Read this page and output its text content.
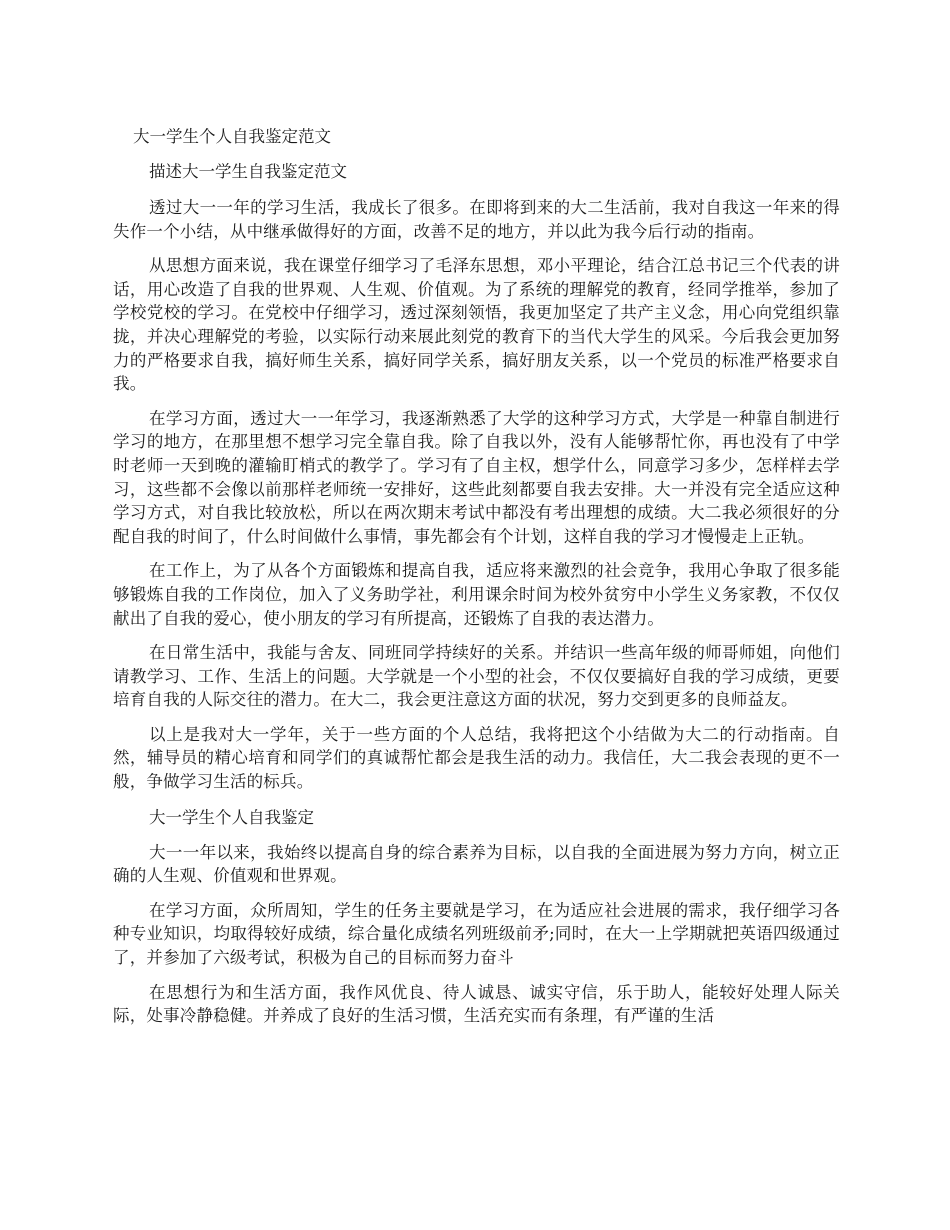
大一学生个人自我鉴定范文

描述大一学生自我鉴定范文

透过大一一年的学习生活，我成长了很多。在即将到来的大二生活前，我对自我这一年来的得失作一个小结，从中继承做得好的方面，改善不足的地方，并以此为我今后行动的指南。

从思想方面来说，我在课堂仔细学习了毛泽东思想，邓小平理论，结合江总书记三个代表的讲话，用心改造了自我的世界观、人生观、价值观。为了系统的理解党的教育，经同学推举，参加了学校党校的学习。在党校中仔细学习，透过深刻领悟，我更加坚定了共产主义念，用心向党组织靠拢，并决心理解党的考验，以实际行动来展此刻党的教育下的当代大学生的风采。今后我会更加努力的严格要求自我，搞好师生关系，搞好同学关系，搞好朋友关系，以一个党员的标准严格要求自我。

在学习方面，透过大一一年学习，我逐渐熟悉了大学的这种学习方式，大学是一种靠自制进行学习的地方，在那里想不想学习完全靠自我。除了自我以外，没有人能够帮忙你，再也没有了中学时老师一天到晚的灌输盯梢式的教学了。学习有了自主权，想学什么，同意学习多少，怎样样去学习，这些都不会像以前那样老师统一安排好，这些此刻都要自我去安排。大一并没有完全适应这种学习方式，对自我比较放松，所以在两次期末考试中都没有考出理想的成绩。大二我必须很好的分配自我的时间了，什么时间做什么事情，事先都会有个计划，这样自我的学习才慢慢走上正轨。

在工作上，为了从各个方面锻炼和提高自我，适应将来激烈的社会竞争，我用心争取了很多能够锻炼自我的工作岗位，加入了义务助学社，利用课余时间为校外贫穷中小学生义务家教，不仅仅献出了自我的爱心，使小朋友的学习有所提高，还锻炼了自我的表达潜力。

在日常生活中，我能与舍友、同班同学持续好的关系。并结识一些高年级的师哥师姐，向他们请教学习、工作、生活上的问题。大学就是一个小型的社会，不仅仅要搞好自我的学习成绩，更要培育自我的人际交往的潜力。在大二，我会更注意这方面的状况，努力交到更多的良师益友。

以上是我对大一学年，关于一些方面的个人总结，我将把这个小结做为大二的行动指南。自然，辅导员的精心培育和同学们的真诚帮忙都会是我生活的动力。我信任，大二我会表现的更不一般，争做学习生活的标兵。

大一学生个人自我鉴定

大一一年以来，我始终以提高自身的综合素养为目标，以自我的全面进展为努力方向，树立正确的人生观、价值观和世界观。

在学习方面，众所周知，学生的任务主要就是学习，在为适应社会进展的需求，我仔细学习各种专业知识，均取得较好成绩，综合量化成绩名列班级前矛;同时，在大一上学期就把英语四级通过了，并参加了六级考试，积极为自己的目标而努力奋斗

在思想行为和生活方面，我作风优良、待人诚恳、诚实守信，乐于助人，能较好处理人际关际，处事冷静稳健。并养成了良好的生活习惯，生活充实而有条理，有严谨的生活
